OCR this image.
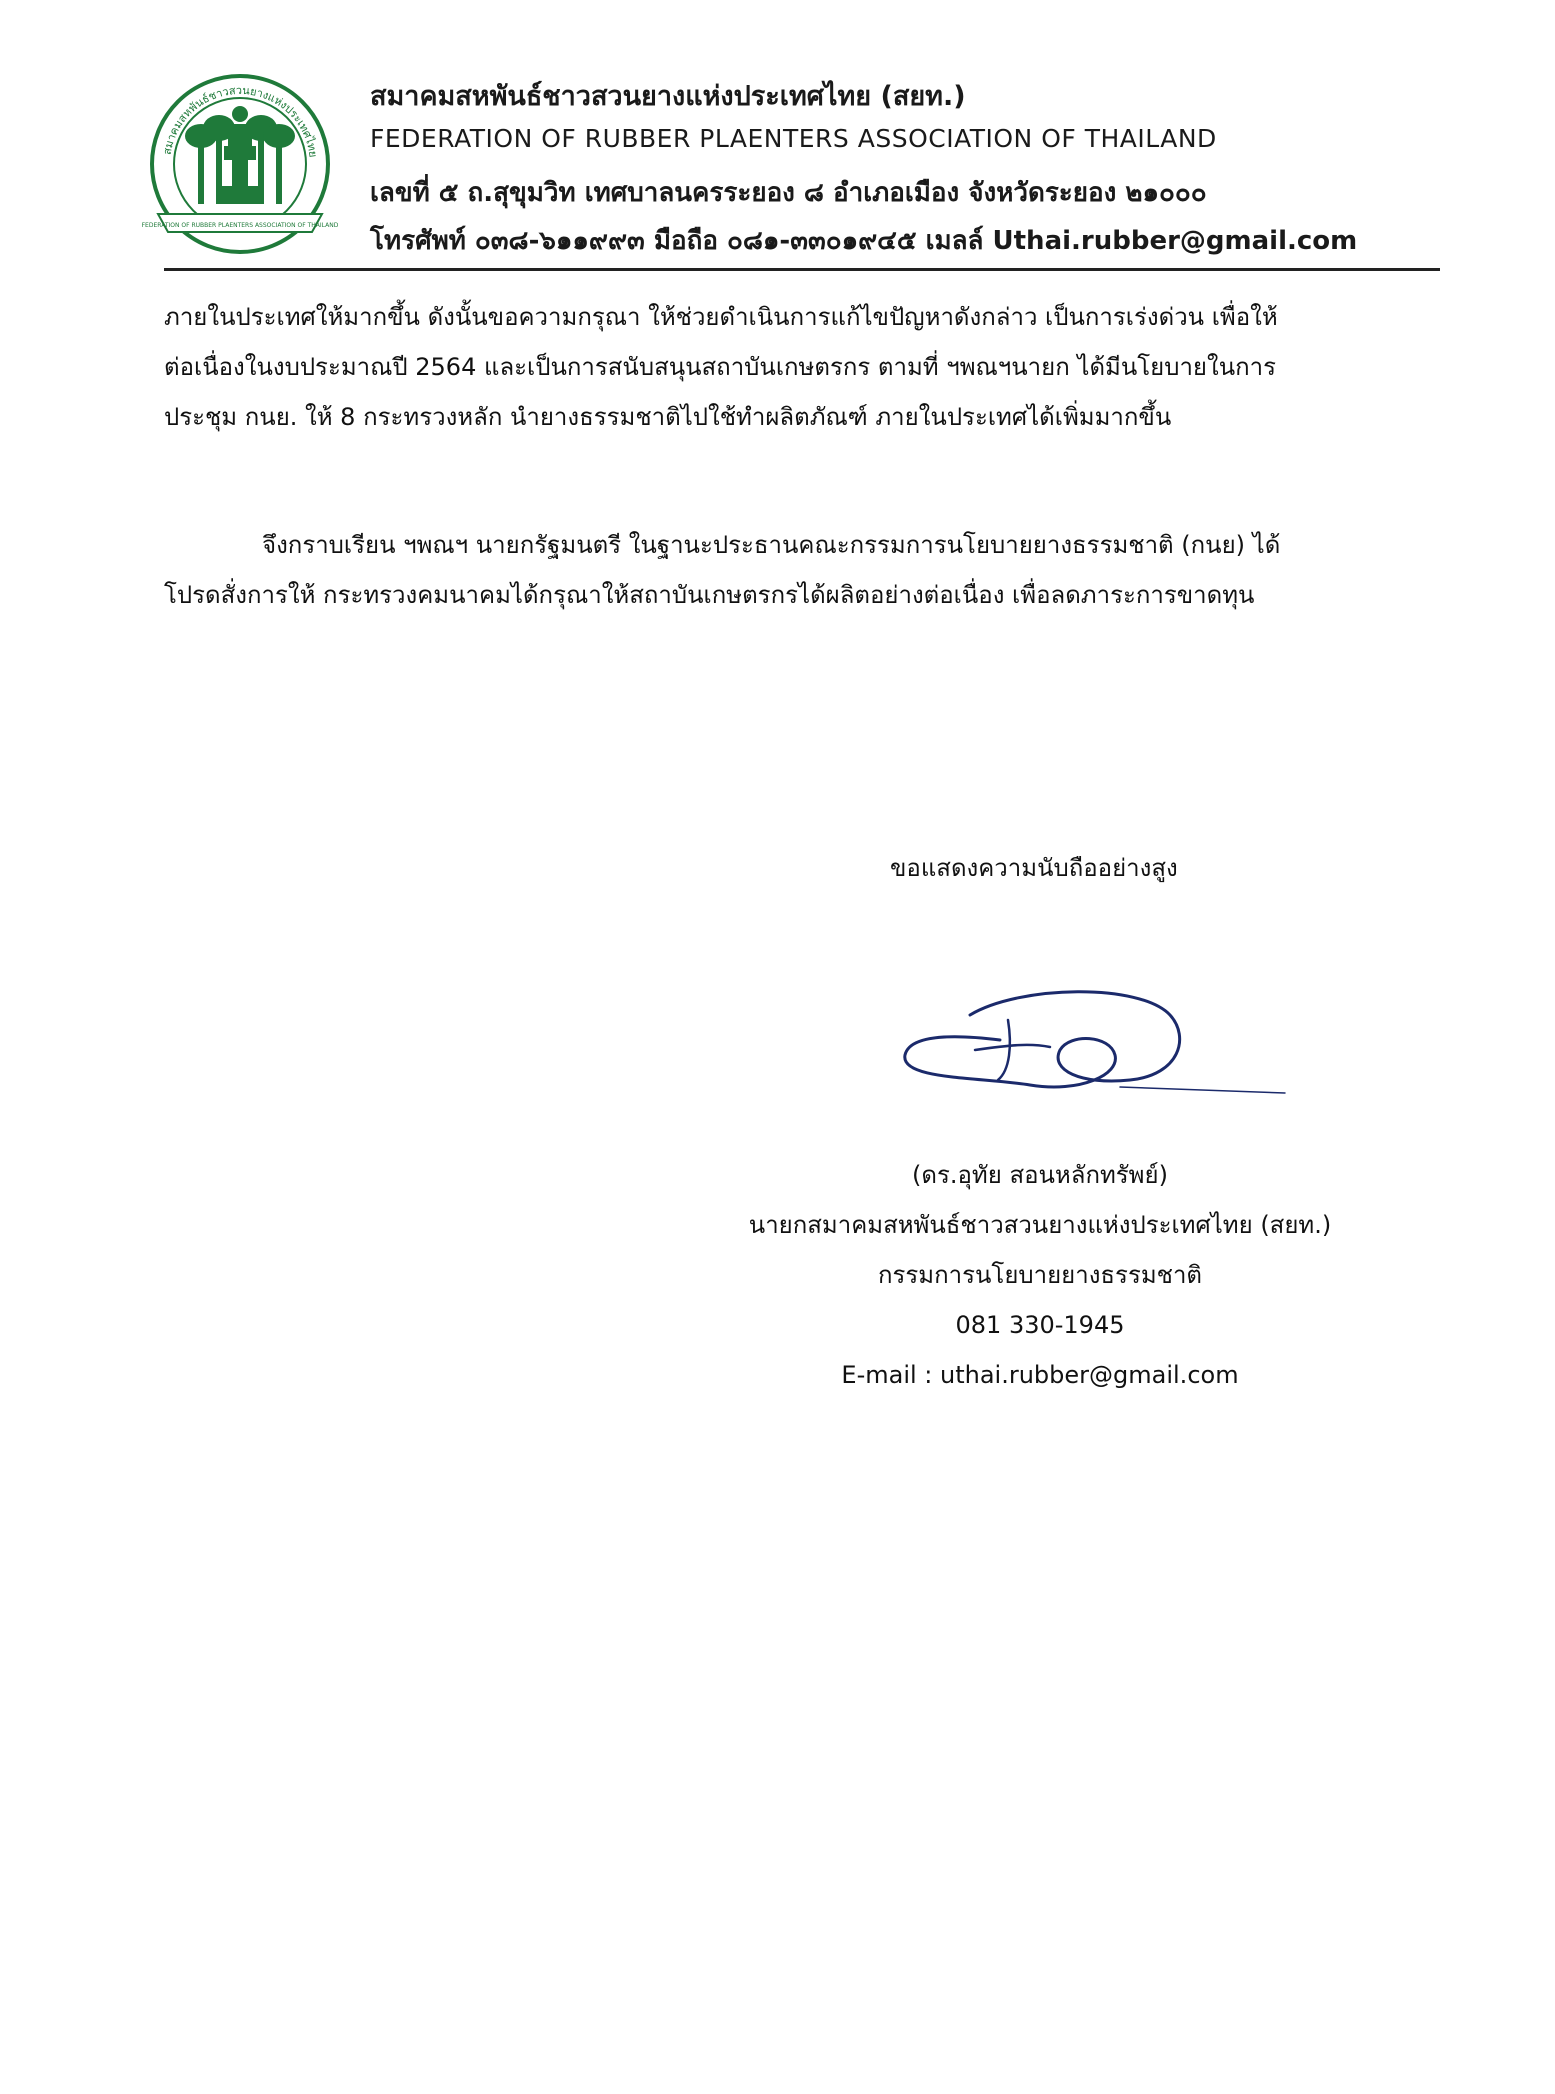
สมาคมสหพันธ์ชาวสวนยางแห่งประเทศไทย
FEDERATION OF RUBBER PLAENTERS ASSOCIATION OF THAILAND
สมาคมสหพันธ์ชาวสวนยางแห่งประเทศไทย (สยท.)
FEDERATION OF RUBBER PLAENTERS ASSOCIATION OF THAILAND
เลขที่ ๕ ถ.สุขุมวิท เทศบาลนครระยอง ๘ อำเภอเมือง จังหวัดระยอง ๒๑๐๐๐
โทรศัพท์ ๐๓๘-๖๑๑๙๙๓ มือถือ ๐๘๑-๓๓๐๑๙๔๕ เมลล์ Uthai.rubber@gmail.com
ภายในประเทศให้มากขึ้น ดังนั้นขอความกรุณา ให้ช่วยดำเนินการแก้ไขปัญหาดังกล่าว เป็นการเร่งด่วน เพื่อให้
ต่อเนื่องในงบประมาณปี 2564 และเป็นการสนับสนุนสถาบันเกษตรกร ตามที่ ฯพณฯนายก ได้มีนโยบายในการ
ประชุม กนย. ให้ 8 กระทรวงหลัก นำยางธรรมชาติไปใช้ทำผลิตภัณฑ์ ภายในประเทศได้เพิ่มมากขึ้น
จึงกราบเรียน ฯพณฯ นายกรัฐมนตรี ในฐานะประธานคณะกรรมการนโยบายยางธรรมชาติ (กนย) ได้
โปรดสั่งการให้ กระทรวงคมนาคมได้กรุณาให้สถาบันเกษตรกรได้ผลิตอย่างต่อเนื่อง เพื่อลดภาระการขาดทุน
ขอแสดงความนับถืออย่างสูง
(ดร.อุทัย สอนหลักทรัพย์)
นายกสมาคมสหพันธ์ชาวสวนยางแห่งประเทศไทย (สยท.)
กรรมการนโยบายยางธรรมชาติ
081 330-1945
E-mail : uthai.rubber@gmail.com
